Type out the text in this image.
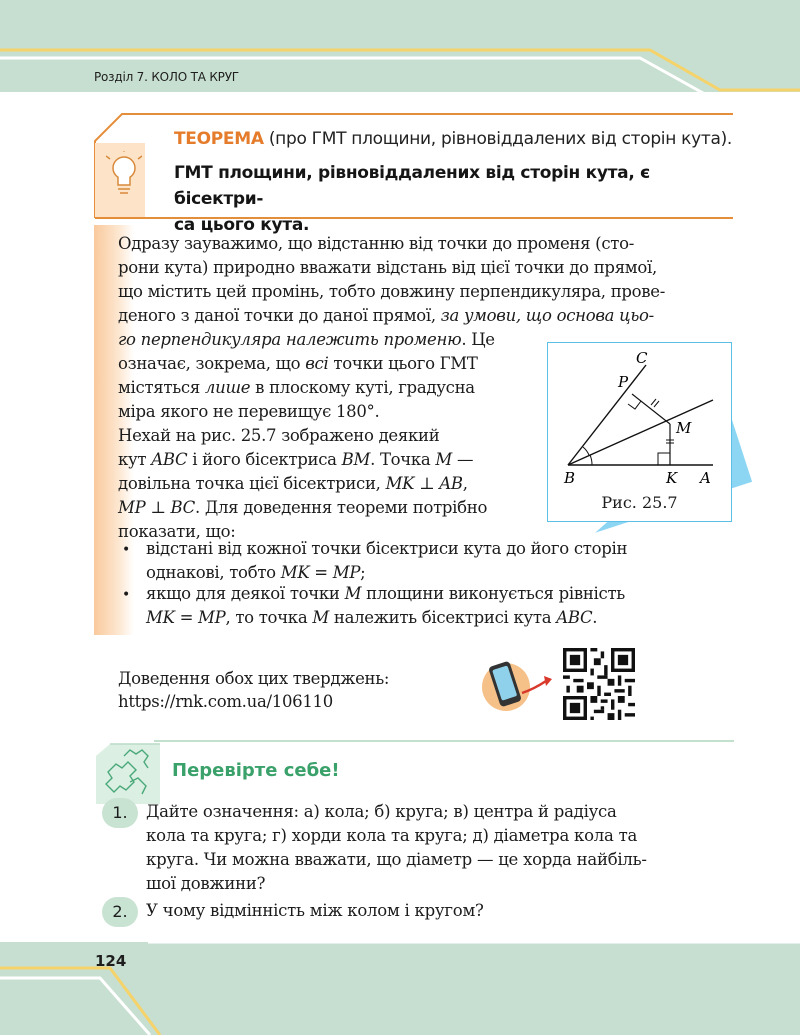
Розділ 7. КОЛО ТА КРУГ
ТЕОРЕМА (про ГМТ площини, рівновіддалених від сторін кута).
ГМТ площини, рівновіддалених від сторін кута, є бісектри-
са цього кута.
Одразу зауважимо, що відстанню від точки до променя (сто-
рони кута) природно вважати відстань від цієї точки до прямої,
що містить цей промінь, тобто довжину перпендикуляра, прове-
деного з даної точки до даної прямої, за умови, що основа цьо-
го перпендикуляра належить променю. Це
означає, зокрема, що всі точки цього ГМТ
містяться лише в плоскому куті, градусна
міра якого не перевищує 180°.
Нехай на рис. 25.7 зображено деякий
кут ABC і його бісектриса BM. Точка M —
довільна точка цієї бісектриси, MK ⊥ AB,
MP ⊥ BC. Для доведення теореми потрібно
показати, що:
C
P
M
B	K A
Рис. 25.7
• відстані від кожної точки бісектриси кута до його сторін
однакові, тобто MK = MP;
• якщо для деякої точки M площини виконується рівність
MK = MP, то точка M належить бісектрисі кута ABC.
Доведення обох цих тверджень:
https://rnk.com.ua/106110
Перевірте себе!
1.	Дайте означення: а) кола; б) круга; в) центра й радіуса
кола та круга; г) хорди кола та круга; д) діаметра кола та
круга. Чи можна вважати, що діаметр — це хорда найбіль-
шої довжини?
2.	У чому відмінність між колом і кругом?
124
